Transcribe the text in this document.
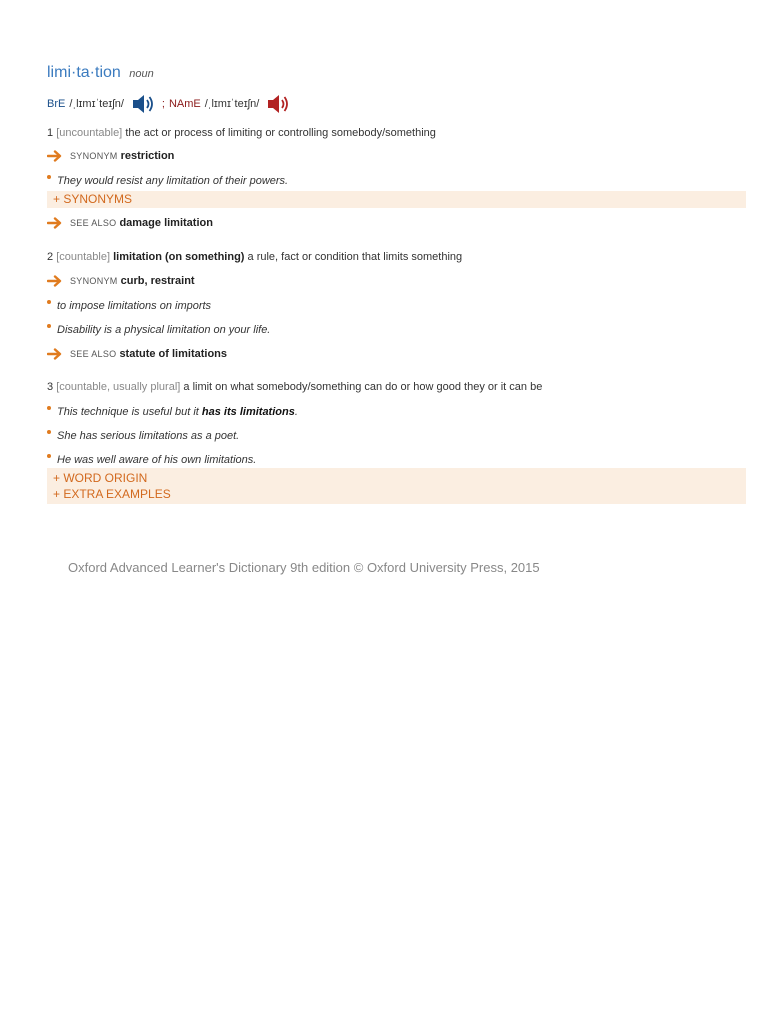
limi·ta·tion noun
BrE /ˌlɪmɪˈteɪʃn/	; NAmE /ˌlɪmɪˈteɪʃn/
1 [uncountable] the act or process of limiting or controlling somebody/something
SYNONYM restriction
They would resist any limitation of their powers.
+ SYNONYMS
SEE ALSO damage limitation
2 [countable] limitation (on something) a rule, fact or condition that limits something
SYNONYM curb ,
restraint
to impose limitations on imports
Disability is a physical limitation on your life.
SEE ALSO statute of limitations
3 [countable, usually plural] a limit on what somebody/something can do or how good they or it can be
This technique is useful but it has its limitations.
She has serious limitations as a poet.
He was well aware of his own limitations.
+ WORD ORIGIN
+ EXTRA EXAMPLES
Oxford Advanced Learner's Dictionary 9th edition © Oxford University Press, 2015
